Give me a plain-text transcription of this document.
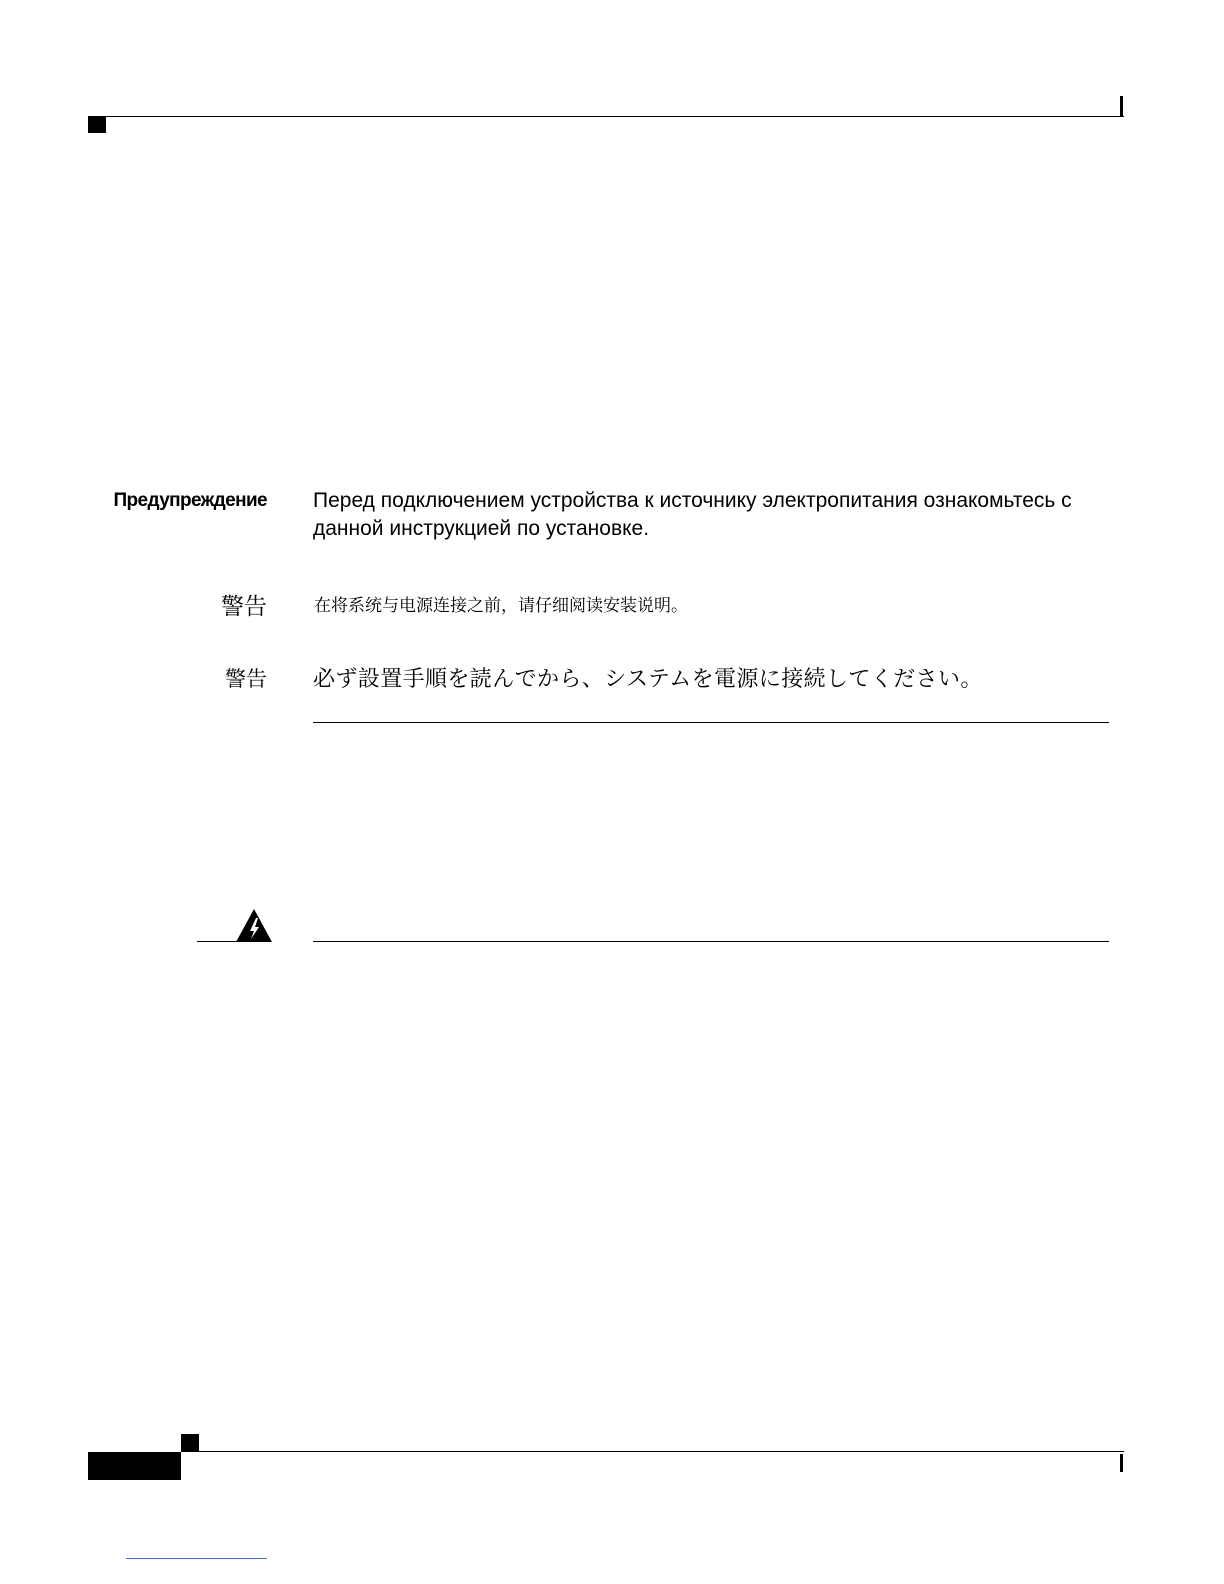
Предупреждение Перед подключением устройства к источнику электропитания ознакомьтесь с данной инструкцией по установке.
警告	在将系统与电源连接之前，请仔细阅读安装说明。
警告 必ず設置手順を読んでから、システムを電源に接続してください。
